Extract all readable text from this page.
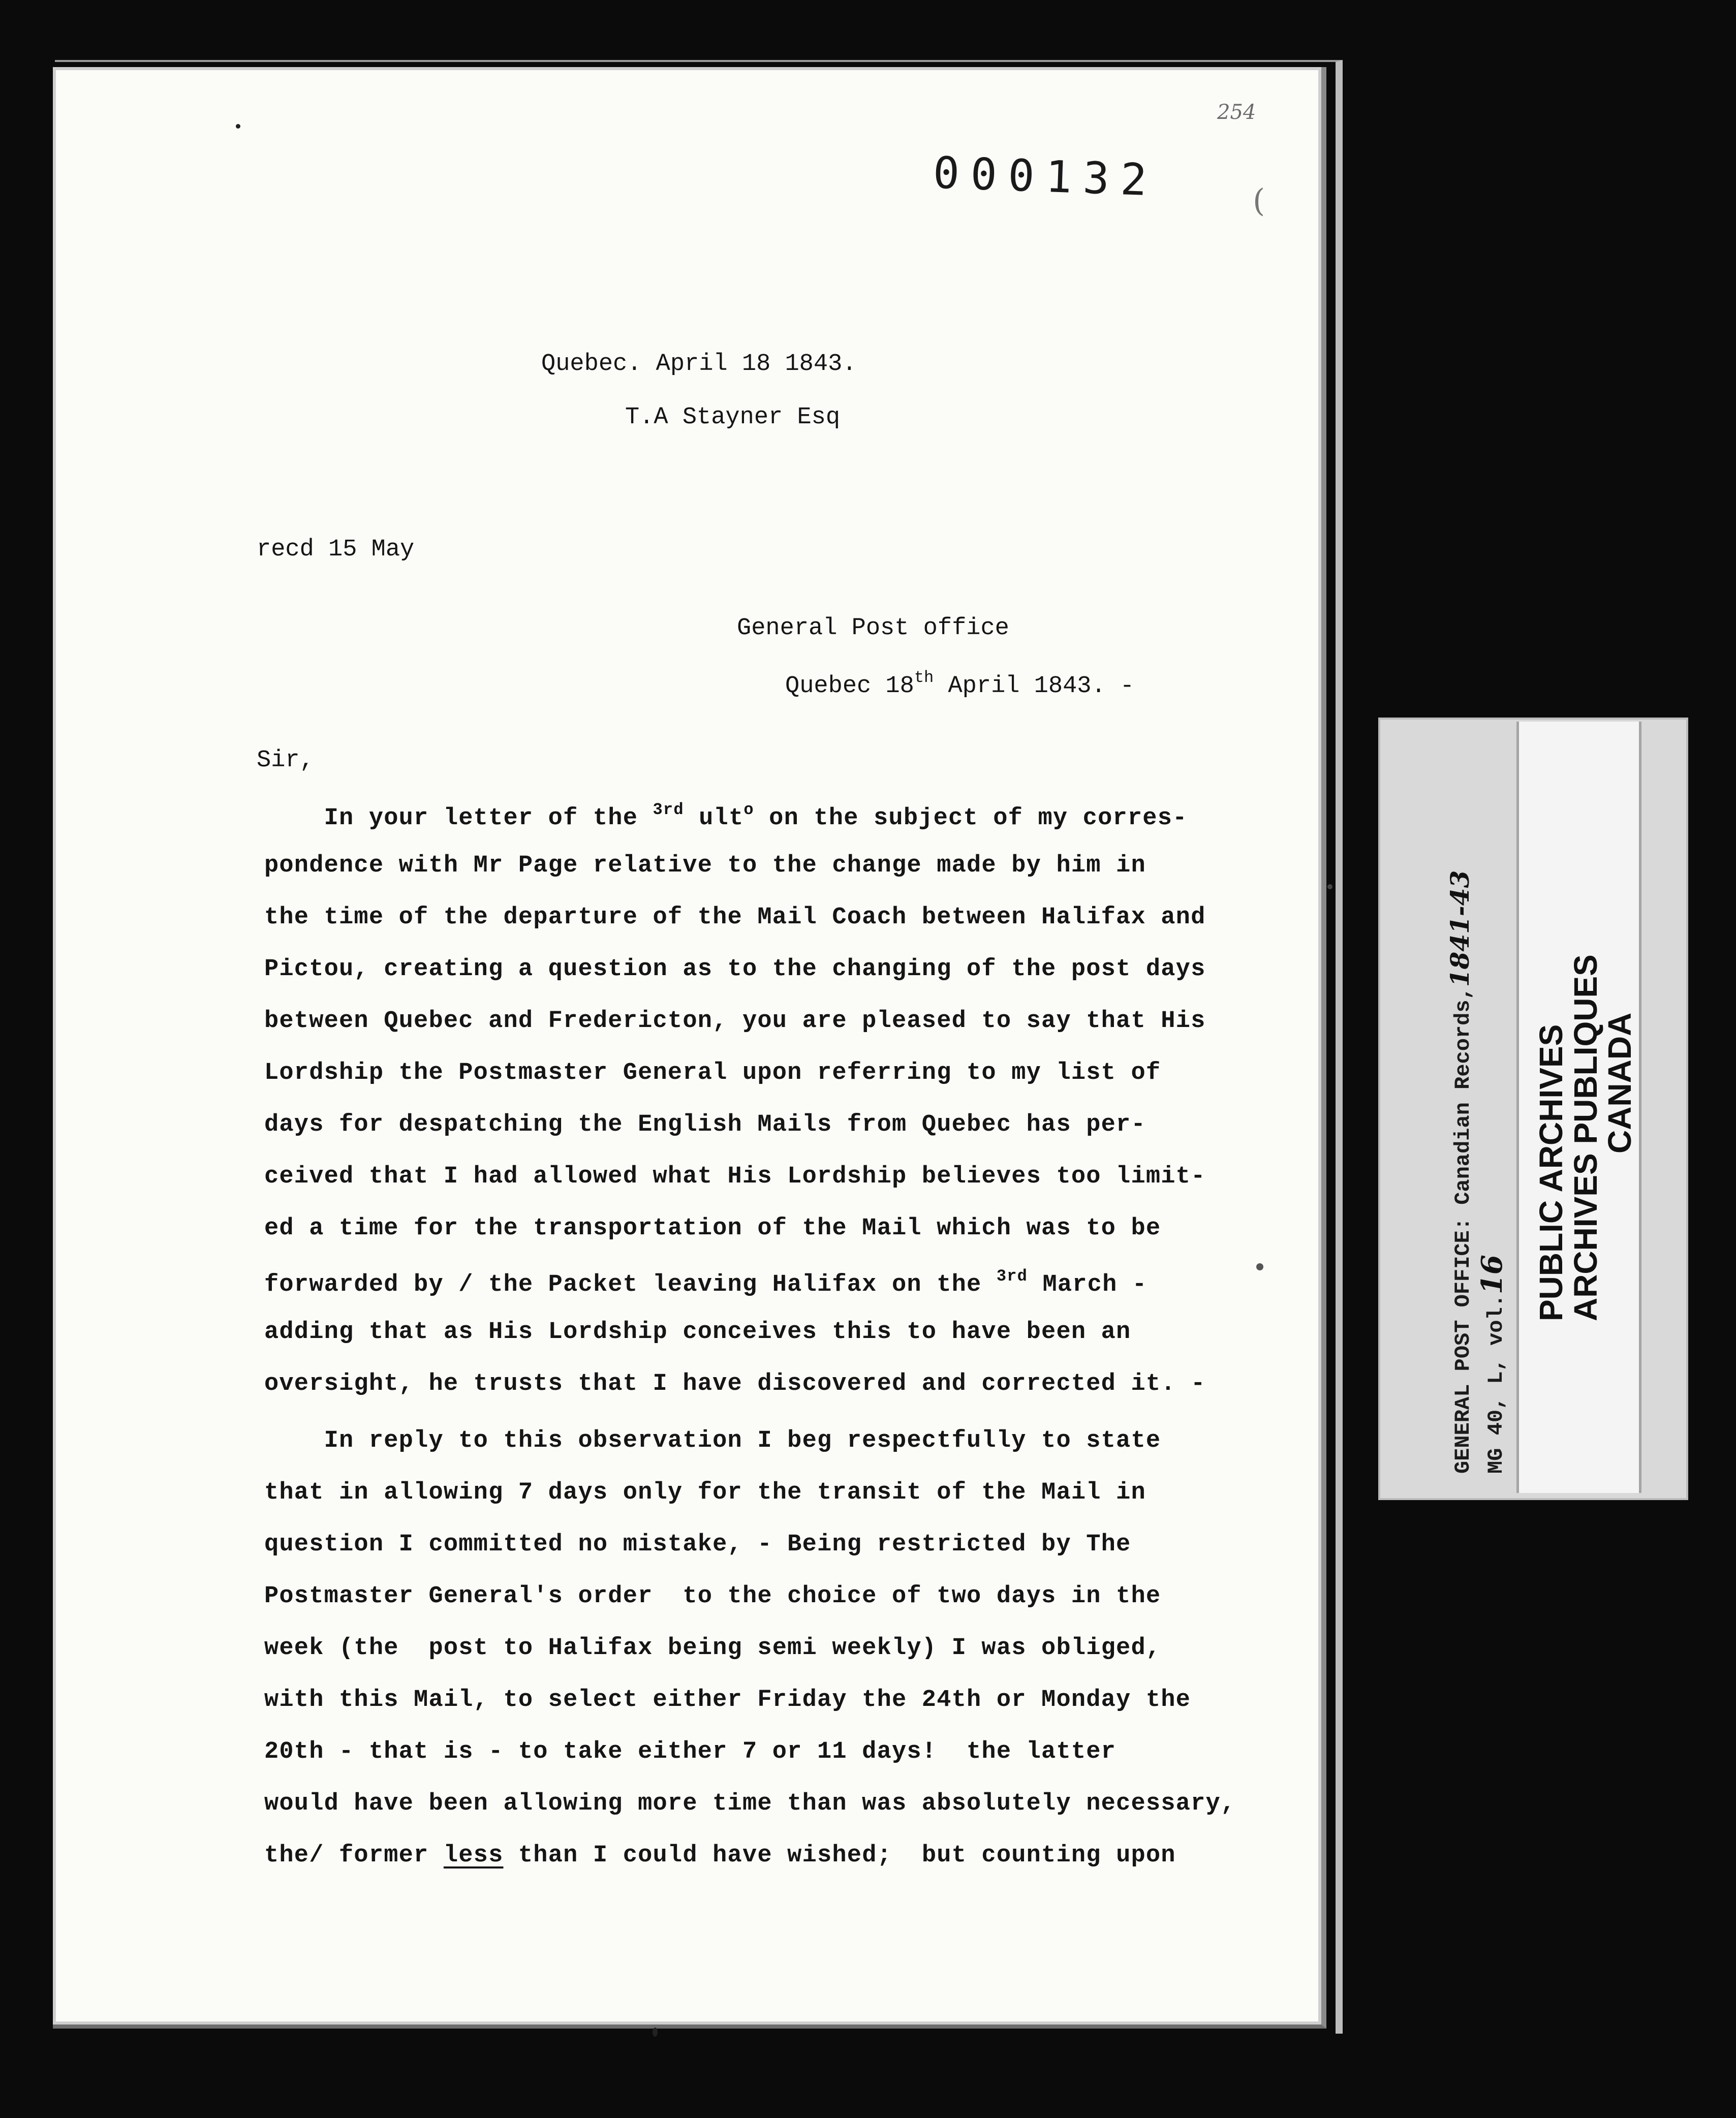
254
000132	(
Quebec. April 18 1843.
T.A Stayner Esq
recd 15 May
General Post office
Quebec 18th April 1843. -
Sir,
In your letter of the $^{3rd}$ ult$^o$ on the subject of my corres-
pondence with Mr Page relative to the change made by him in
the time of the departure of the Mail Coach between Halifax and
Pictou, creating a question as to the changing of the post days
between Quebec and Fredericton, you are pleased to say that His
Lordship the Postmaster General upon referring to my list of
days for despatching the English Mails from Quebec has per-
ceived that I had allowed what His Lordship believes too limit-
ed a time for the transportation of the Mail which was to be
forwarded by / the Packet leaving Halifax on the $^{3rd}$ March -
adding that as His Lordship conceives this to have been an
oversight, he trusts that I have discovered and corrected it. -
In reply to this observation I beg respectfully to state
that in allowing 7 days only for the transit of the Mail in
question I committed no mistake, - Being restricted by The
Postmaster General's order  to the choice of two days in the
week (the  post to Halifax being semi weekly) I was obliged,
with this Mail, to select either Friday the 24th or Monday the
20th - that is - to take either 7 or 11 days!  the latter
would have been allowing more time than was absolutely necessary,
the/ former less than I could have wished;  but counting upon
GENERAL POST OFFICE: Canadian Records,1841-43
MG 40, L, vol.16 PUBLIC ARCHIVES
ARCHIVES PUBLIQUES
CANADA
